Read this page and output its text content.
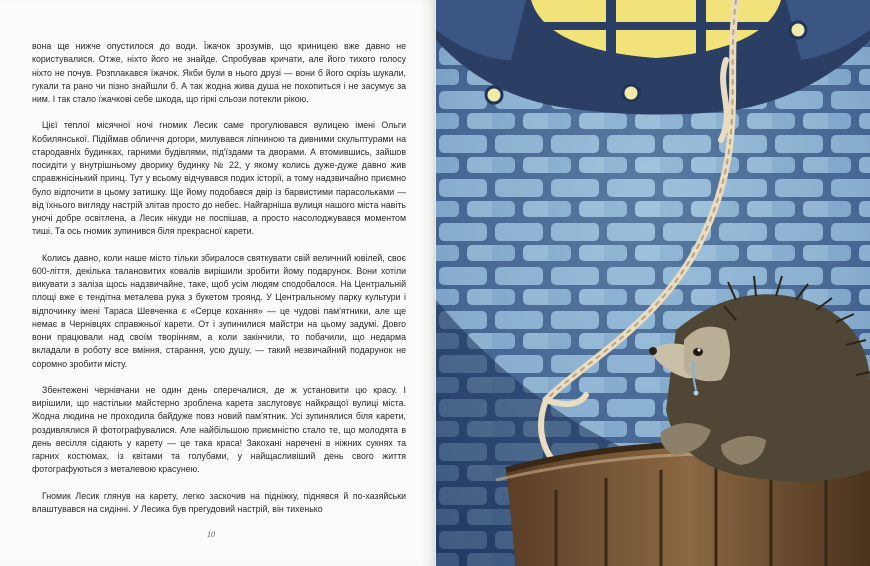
вона ще нижче опустилося до води. Їжачок зрозумів, що криницею вже давно не користувалися. Отже, ніхто його не знайде. Спробував кричати, але його тихого голосу ніхто не почув. Розплакався їжачок. Якби були в нього друзі — вони б його скрізь шукали, гукали та рано чи пізно знайшли б. А так жодна жива душа не похопиться і не засумує за ним. І так стало їжачкові себе шкода, що гіркі сльози потекли рікою.

Цієї теплої місячної ночі гномик Лесик саме прогулювався вулицею імені Ольги Кобилянської. Підіймав обличчя догори, милувався ліпниною та дивними скульптурами на стародавніх будинках, гарними будівлями, під'їздами та дворами. А втомившись, зайшов посидіти у внутрішньому дворику будинку № 22, у якому колись дуже-дуже давно жив справжнісінький принц. Тут у всьому відчувався подих історії, а тому надзвичайно приємно було відпочити в цьому затишку. Ще йому подобався двір із барвистими парасольками — від їхнього вигляду настрій злітав просто до небес. Найгарніша вулиця нашого міста навіть уночі добре освітлена, а Лесик нікуди не поспішав, а просто насолоджувався моментом тиші. Та ось гномик зупинився біля прекрасної карети.

Колись давно, коли наше місто тільки збиралося святкувати свій величний ювілей, своє 600-ліття, декілька талановитих ковалів вирішили зробити йому подарунок. Вони хотіли викувати з заліза щось надзвичайне, таке, щоб усім людям сподобалося. На Центральній площі вже є тендітна металева рука з букетом троянд. У Центральному парку культури і відпочинку імені Тараса Шевченка є «Серце кохання» — це чудові пам'ятники, але ще немає в Чернівцях справжньої карети. От і зупинилися майстри на цьому задумі. Довго вони працювали над своїм творінням, а коли закінчили, то побачили, що недарма вкладали в роботу все вміння, старання, усю душу, — такий незвичайний подарунок не соромно зробити місту.

Збентежені чернівчани не один день сперечалися, де ж установити цю красу. І вирішили, що настільки майстерно зроблена карета заслуговує найкращої вулиці міста. Жодна людина не проходила байдуже повз новий пам'ятник. Усі зупинялися біля карети, роздивлялися й фотографувалися. Але найбільшою приємністю стало те, що молодята в день весілля сідають у карету — це така краса! Закохані наречені в ніжних сукнях та гарних костюмах, із квітами та голубами, у найщасливіший день свого життя фотографуються з металевою красунею.

Гномик Лесик глянув на карету, легко заскочив на підніжку, піднявся й по-хазяйськи влаштувався на сидінні. У Лесика був прегудовий настрій, він тихенько

10
